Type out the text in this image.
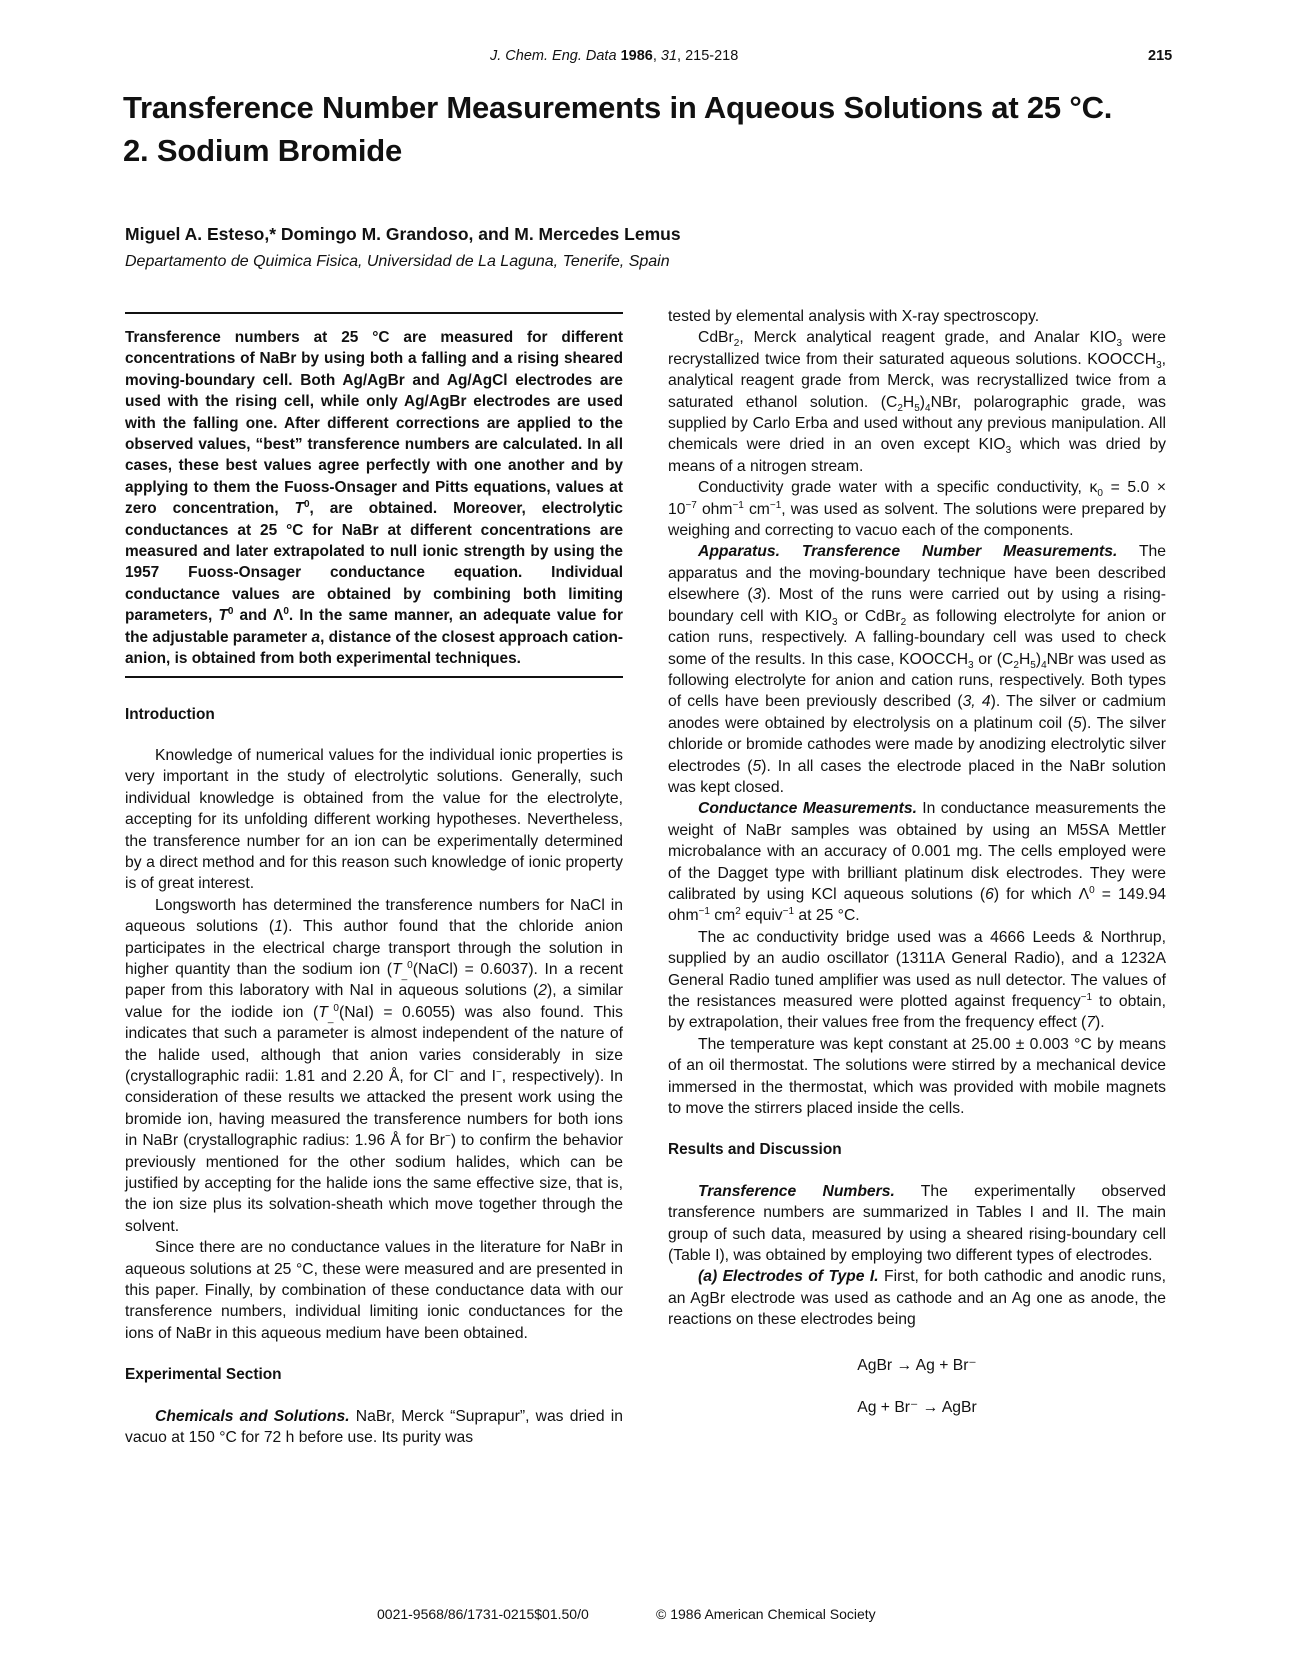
J. Chem. Eng. Data 1986, 31, 215-218	215
Transference Number Measurements in Aqueous Solutions at 25 °C.
2. Sodium Bromide
Miguel A. Esteso,* Domingo M. Grandoso, and M. Mercedes Lemus
Departamento de Quimica Fisica, Universidad de La Laguna, Tenerife, Spain

Transference numbers at 25 °C are measured for different concentrations of NaBr by using both a falling and a rising sheared moving-boundary cell. Both Ag/AgBr and Ag/AgCl electrodes are used with the rising cell, while only Ag/AgBr electrodes are used with the falling one. After different corrections are applied to the observed values, “best” transference numbers are calculated. In all cases, these best values agree perfectly with one another and by applying to them the Fuoss-Onsager and Pitts equations, values at zero concentration, $T^0$, are obtained. Moreover, electrolytic conductances at 25 °C for NaBr at different concentrations are measured and later extrapolated to null ionic strength by using the 1957 Fuoss-Onsager conductance equation. Individual conductance values are obtained by combining both limiting parameters, $T^0$ and $\Lambda^0$. In the same manner, an adequate value for the adjustable parameter a, distance of the closest approach cation-anion, is obtained from both experimental techniques.

Introduction

Knowledge of numerical values for the individual ionic properties is very important in the study of electrolytic solutions. Generally, such individual knowledge is obtained from the value for the electrolyte, accepting for its unfolding different working hypotheses. Nevertheless, the transference number for an ion can be experimentally determined by a direct method and for this reason such knowledge of ionic property is of great interest.

Longsworth has determined the transference numbers for NaCl in aqueous solutions (1). This author found that the chloride anion participates in the electrical charge transport through the solution in higher quantity than the sodium ion $(T_{\_}^0(NaCl) = 0.6037)$. In a recent paper from this laboratory with NaI in aqueous solutions (2), a similar value for the iodide ion $(T_{\_}^0(NaI) = 0.6055)$ was also found. This indicates that such a parameter is almost independent of the nature of the halide used, although that anion varies considerably in size (crystallographic radii: 1.81 and 2.20 Å, for Cl− and I−, respectively). In consideration of these results we attacked the present work using the bromide ion, having measured the transference numbers for both ions in NaBr (crystallographic radius: 1.96 Å for Br−) to confirm the behavior previously mentioned for the other sodium halides, which can be justified by accepting for the halide ions the same effective size, that is, the ion size plus its solvation-sheath which move together through the solvent.

Since there are no conductance values in the literature for NaBr in aqueous solutions at 25 °C, these were measured and are presented in this paper. Finally, by combination of these conductance data with our transference numbers, individual limiting ionic conductances for the ions of NaBr in this aqueous medium have been obtained.

Experimental Section

Chemicals and Solutions. NaBr, Merck “Suprapur”, was dried in vacuo at 150 °C for 72 h before use. Its purity was

tested by elemental analysis with X-ray spectroscopy.

CdBr$_2$, Merck analytical reagent grade, and Analar $KIO_3$ were recrystallized twice from their saturated aqueous solutions. $KOOCCH_3$, analytical reagent grade from Merck, was recrystallized twice from a saturated ethanol solution. $(C_2H_5)_4NBr$, polarographic grade, was supplied by Carlo Erba and used without any previous manipulation. All chemicals were dried in an oven except $KIO_3$ which was dried by means of a nitrogen stream.

Conductivity grade water with a specific conductivity, $\kappa_0 = 5.0 \times 10^{-7}$ ohm$^{-1}$ $cm^{-1}$, was used as solvent. The solutions were prepared by weighing and correcting to vacuo each of the components.

Apparatus. Transference Number Measurements. The apparatus and the moving-boundary technique have been described elsewhere (3). Most of the runs were carried out by using a rising-boundary cell with $KIO_3$ or CdBr$_2$ as following electrolyte for anion or cation runs, respectively. A falling-boundary cell was used to check some of the results. In this case, $KOOCCH_3$ or $(C_2H_5)_4NBr$ was used as following electrolyte for anion and cation runs, respectively. Both types of cells have been previously described (3, 4). The silver or cadmium anodes were obtained by electrolysis on a platinum coil (5). The silver chloride or bromide cathodes were made by anodizing electrolytic silver electrodes (5). In all cases the electrode placed in the NaBr solution was kept closed.

Conductance Measurements. In conductance measurements the weight of NaBr samples was obtained by using an M5SA Mettler microbalance with an accuracy of 0.001 mg. The cells employed were of the Dagget type with brilliant platinum disk electrodes. They were calibrated by using KCl aqueous solutions (6) for which $\Lambda^0 = 149.94$ ohm$^{-1}$ $cm^2$ equiv$^{-1}$ at 25 °C.

The ac conductivity bridge used was a 4666 Leeds & Northrup, supplied by an audio oscillator (1311A General Radio), and a 1232A General Radio tuned amplifier was used as null detector. The values of the resistances measured were plotted against frequency$^{-1}$ to obtain, by extrapolation, their values free from the frequency effect (7).

The temperature was kept constant at 25.00 ± 0.003 °C by means of an oil thermostat. The solutions were stirred by a mechanical device immersed in the thermostat, which was provided with mobile magnets to move the stirrers placed inside the cells.

Results and Discussion

Transference Numbers. The experimentally observed transference numbers are summarized in Tables I and II. The main group of such data, measured by using a sheared rising-boundary cell (Table I), was obtained by employing two different types of electrodes.

(a) Electrodes of Type I. First, for both cathodic and anodic runs, an AgBr electrode was used as cathode and an Ag one as anode, the reactions on these electrodes being

AgBr → Ag + Br⁻
Ag + Br⁻ → AgBr
0021-9568/86/1731-0215$01.50/0	© 1986 American Chemical Society
